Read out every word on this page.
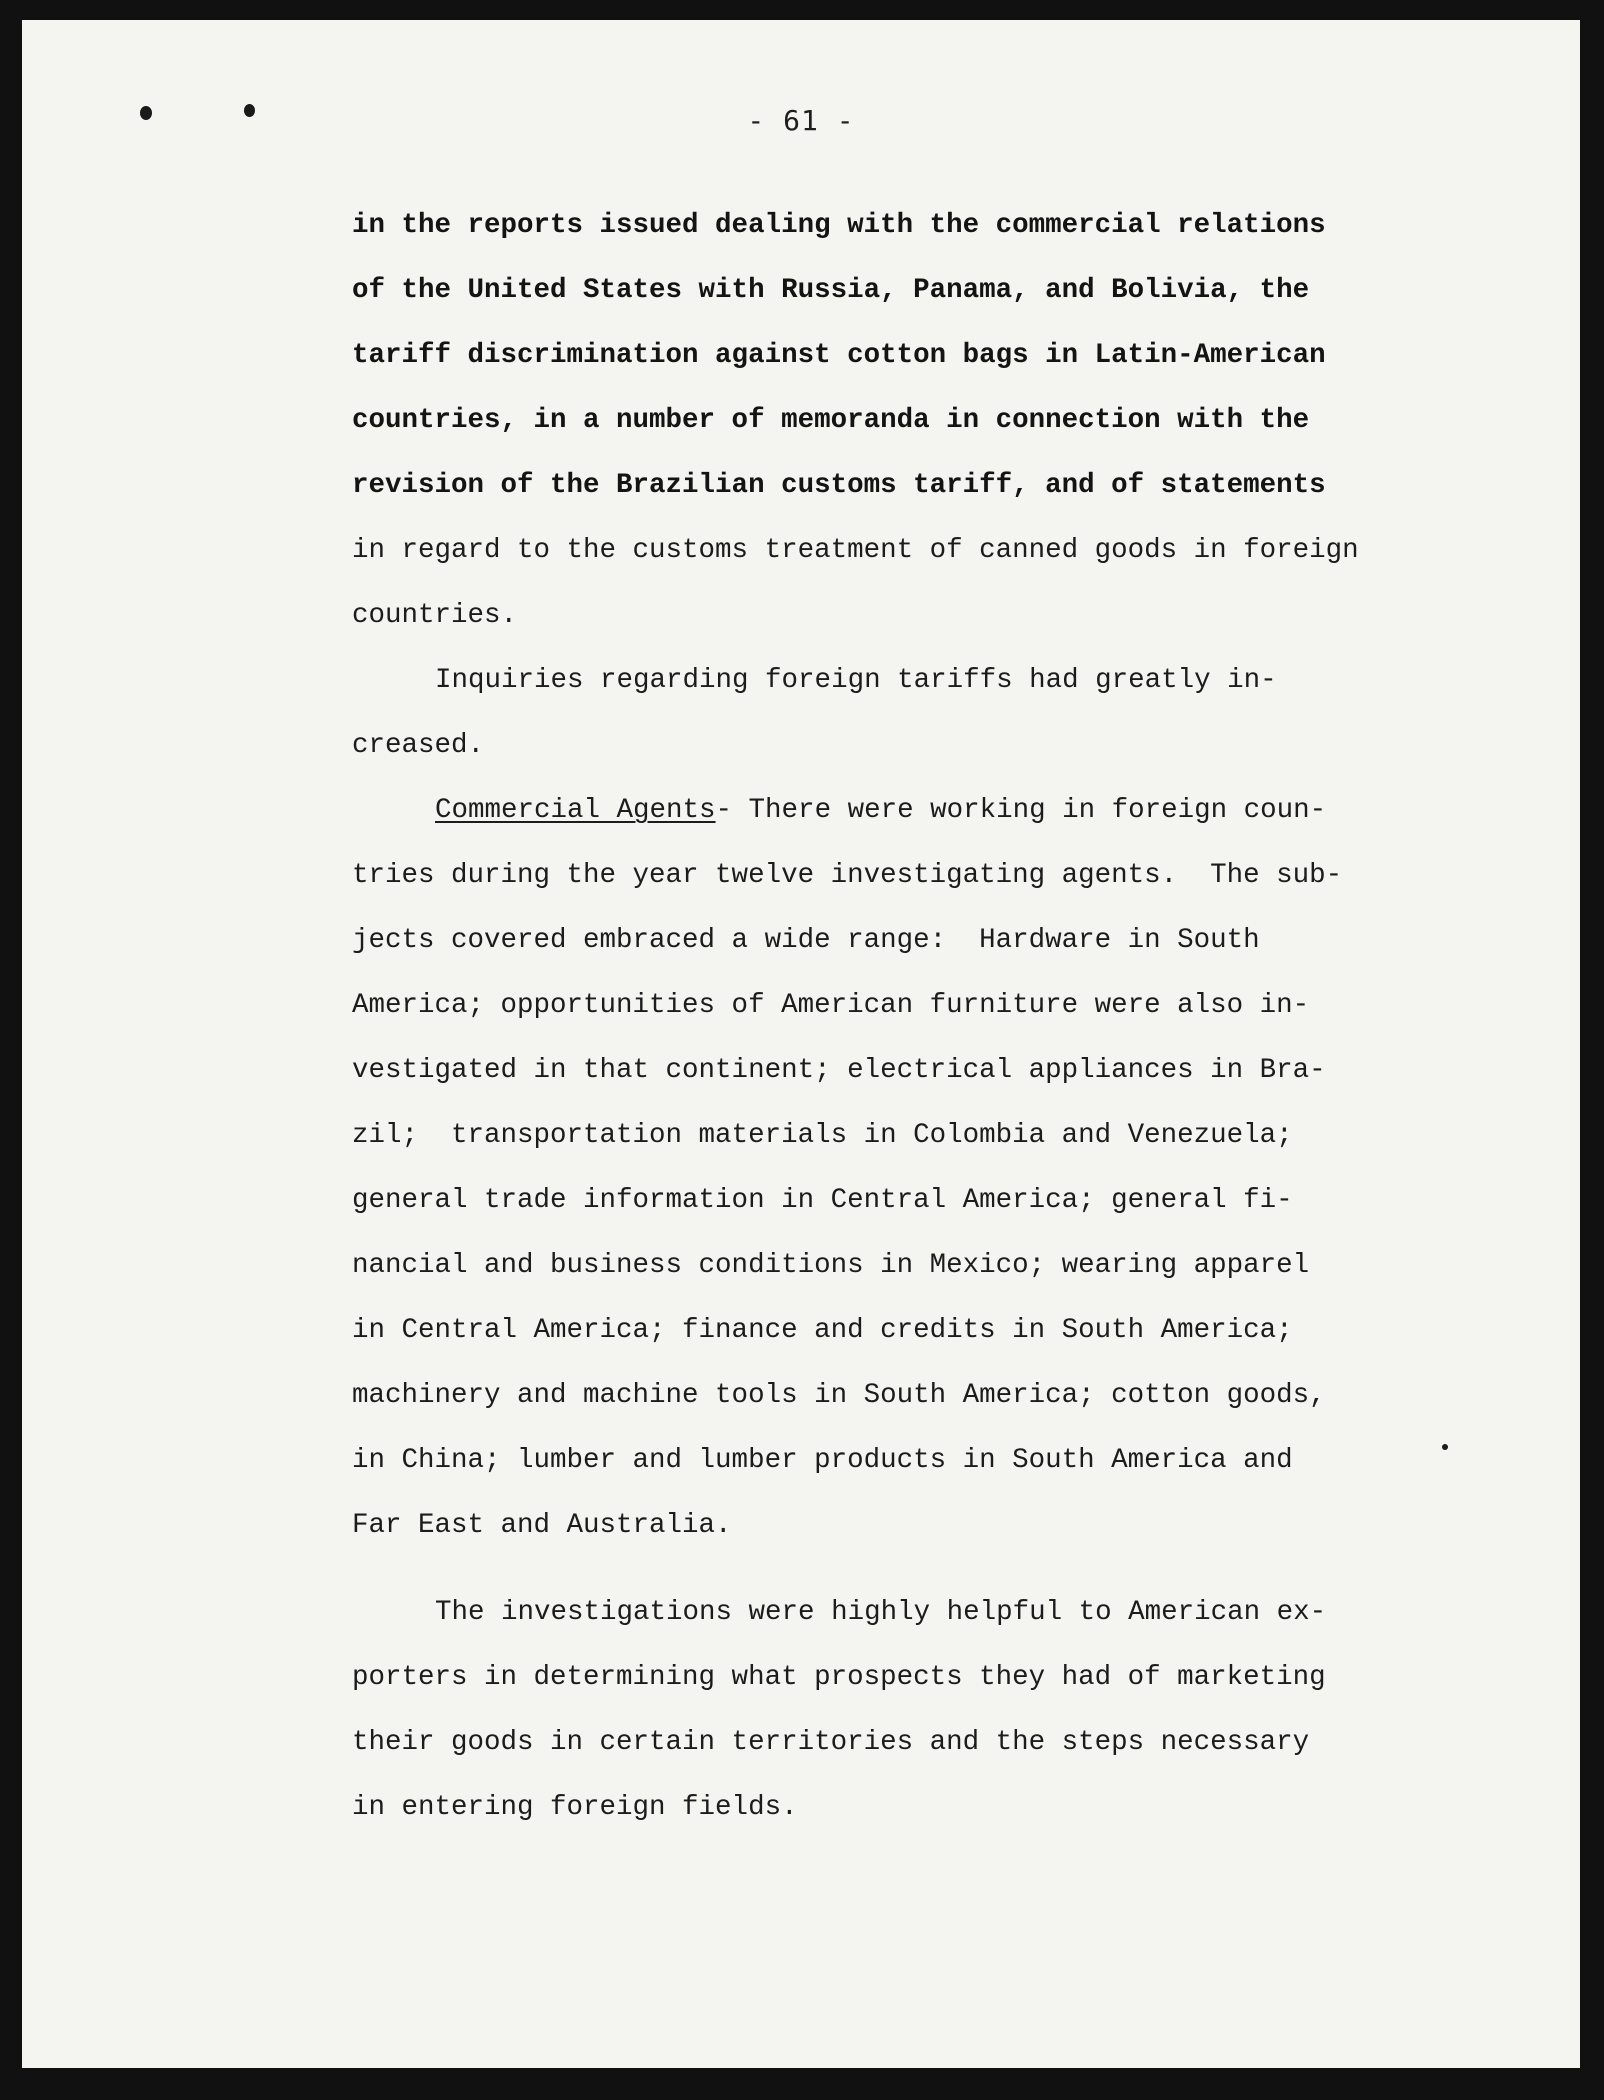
- 61 -
in the reports issued dealing with the commercial relations
of the United States with Russia, Panama, and Bolivia, the
tariff discrimination against cotton bags in Latin-American
countries, in a number of memoranda in connection with the
revision of the Brazilian customs tariff, and of statements
in regard to the customs treatment of canned goods in foreign
countries.
Inquiries regarding foreign tariffs had greatly in-
creased.
Commercial Agents- There were working in foreign coun-
tries during the year twelve investigating agents.  The sub-
jects covered embraced a wide range:  Hardware in South
America; opportunities of American furniture were also in-
vestigated in that continent; electrical appliances in Bra-
zil;  transportation materials in Colombia and Venezuela;
general trade information in Central America; general fi-
nancial and business conditions in Mexico; wearing apparel
in Central America; finance and credits in South America;
machinery and machine tools in South America; cotton goods,
in China; lumber and lumber products in South America and
Far East and Australia.
The investigations were highly helpful to American ex-
porters in determining what prospects they had of marketing
their goods in certain territories and the steps necessary
in entering foreign fields.
